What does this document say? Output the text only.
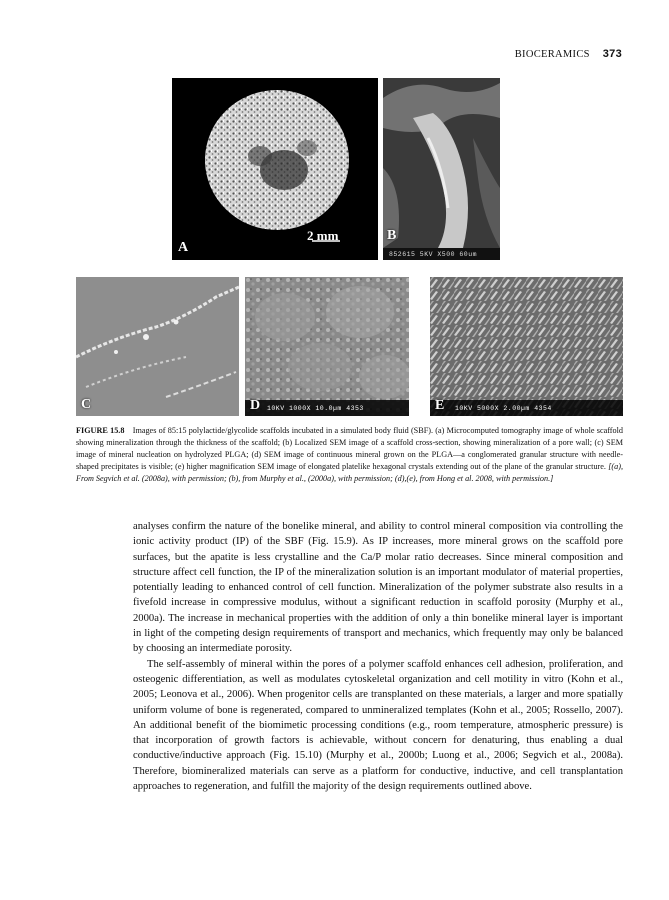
BIOCERAMICS 373
A
2 mm	B
852615 5KV X500 60um
C	D 10KV 1000X 10.0µm 4353	E 10KV 5000X 2.00µm 4354
FIGURE 15.8 Images of 85:15 polylactide/glycolide scaffolds incubated in a simulated body fluid (SBF). (a) Microcomputed tomography image of whole scaffold showing mineralization through the thickness of the scaffold; (b) Localized SEM image of a scaffold cross-section, showing mineralization of a pore wall; (c) SEM image of mineral nucleation on hydrolyzed PLGA; (d) SEM image of continuous mineral grown on the PLGA—a conglomerated granular structure with needle-shaped precipitates is visible; (e) higher magnification SEM image of elongated platelike hexagonal crystals extending out of the plane of the granular structure. [(a), From Segvich et al. (2008a), with permission; (b), from Murphy et al., (2000a), with permission; (d),(e), from Hong et al. 2008, with permission.]

analyses confirm the nature of the bonelike mineral, and ability to control mineral composition via controlling the ionic activity product (IP) of the SBF (Fig. 15.9). As IP increases, more mineral grows on the scaffold pore surfaces, but the apatite is less crystalline and the Ca/P molar ratio decreases. Since mineral composition and structure affect cell function, the IP of the mineralization solution is an important modulator of material properties, potentially leading to enhanced control of cell function. Mineralization of the polymer substrate also results in a fivefold increase in compressive modulus, without a significant reduction in scaffold porosity (Murphy et al., 2000a). The increase in mechanical properties with the addition of only a thin bonelike mineral layer is important in light of the competing design requirements of transport and mechanics, which frequently may only be balanced by choosing an intermediate porosity.

The self-assembly of mineral within the pores of a polymer scaffold enhances cell adhesion, proliferation, and osteogenic differentiation, as well as modulates cytoskeletal organization and cell motility in vitro (Kohn et al., 2005; Leonova et al., 2006). When progenitor cells are transplanted on these materials, a larger and more spatially uniform volume of bone is regenerated, compared to unmineralized templates (Kohn et al., 2005; Rossello, 2007). An additional benefit of the biomimetic processing conditions (e.g., room temperature, atmospheric pressure) is that incorporation of growth factors is achievable, without concern for denaturing, thus enabling a dual conductive/inductive approach (Fig. 15.10) (Murphy et al., 2000b; Luong et al., 2006; Segvich et al., 2008a). Therefore, biomineralized materials can serve as a platform for conductive, inductive, and cell transplantation approaches to regeneration, and fulfill the majority of the design requirements outlined above.
